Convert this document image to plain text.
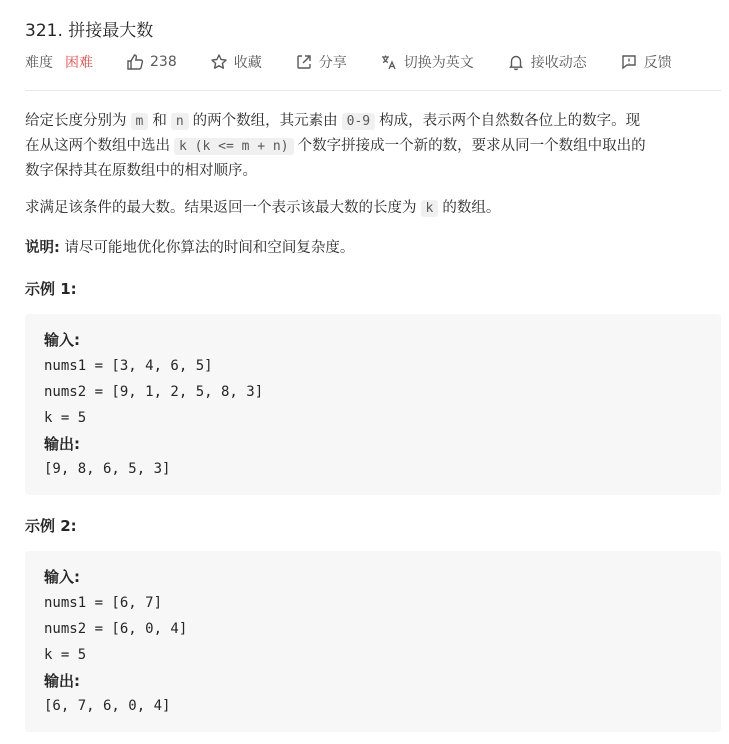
321. 拼接最大数
难度 困难	238	收藏	分享	切换为英文	接收动态	反馈
给定长度分别为 m 和 n 的两个数组，其元素由 0-9 构成，表示两个自然数各位上的数字。现
在从这两个数组中选出 k (k <= m + n) 个数字拼接成一个新的数，要求从同一个数组中取出的
数字保持其在原数组中的相对顺序。
求满足该条件的最大数。结果返回一个表示该最大数的长度为 k 的数组。
说明: 请尽可能地优化你算法的时间和空间复杂度。
示例 1:
输入:
nums1 = [3, 4, 6, 5]
nums2 = [9, 1, 2, 5, 8, 3]
k = 5
输出:
[9, 8, 6, 5, 3]
示例 2:
输入:
nums1 = [6, 7]
nums2 = [6, 0, 4]
k = 5
输出:
[6, 7, 6, 0, 4]
